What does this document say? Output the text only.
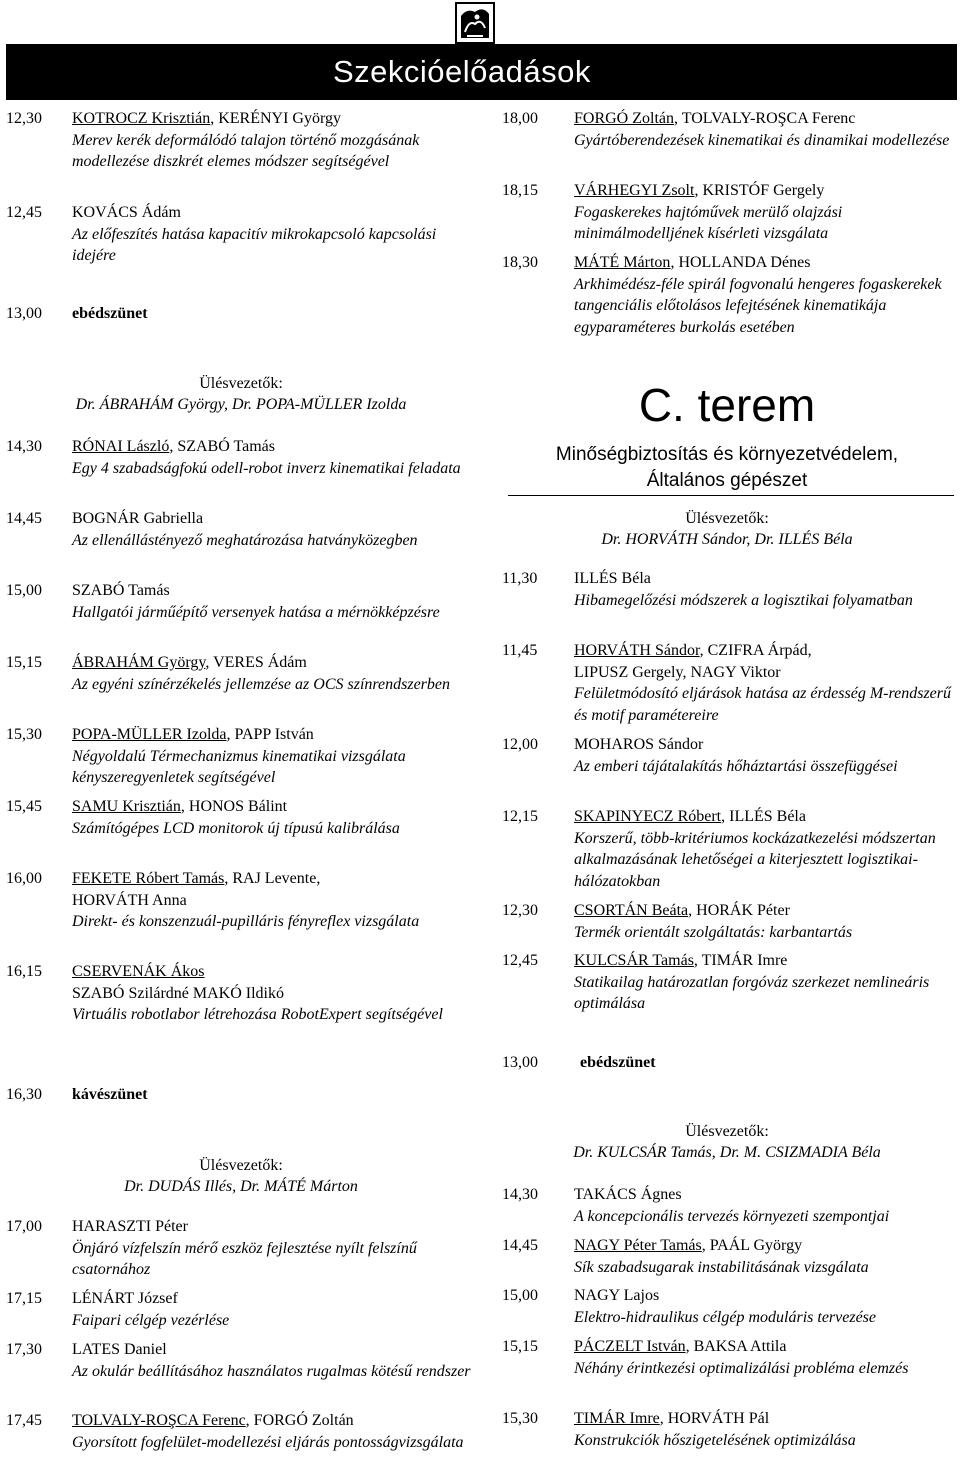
Szekcióelőadások
12,30 KOTROCZ Krisztián, KERÉNYI György
Merev kerék deformálódó talajon történő mozgásának modellezése diszkrét elemes módszer segítségével
12,45 KOVÁCS Ádám
Az előfeszítés hatása kapacitív mikrokapcsoló kapcsolási idejére
13,00 ebédszünet
Ülésvezetők:
Dr. ÁBRAHÁM György, Dr. POPA-MÜLLER Izolda
14,30 RÓNAI László, SZABÓ Tamás
Egy 4 szabadságfokú odell-robot inverz kinematikai feladata
14,45 BOGNÁR Gabriella
Az ellenállástényező meghatározása hatványközegben
15,00 SZABÓ Tamás
Hallgatói járműépítő versenyek hatása a mérnökképzésre
15,15 ÁBRAHÁM György, VERES Ádám
Az egyéni színérzékelés jellemzése az OCS színrendszerben
15,30 POPA-MÜLLER Izolda, PAPP István
Négyoldalú Térmechanizmus kinematikai vizsgálata kényszeregyenletek segítségével
15,45 SAMU Krisztián, HONOS Bálint
Számítógépes LCD monitorok új típusú kalibrálása
16,00 FEKETE Róbert Tamás, RAJ Levente,
HORVÁTH Anna
Direkt- és konszenzuál-pupilláris fényreflex vizsgálata
16,15 CSERVENÁK Ákos
SZABÓ Szilárdné MAKÓ Ildikó
Virtuális robotlabor létrehozása RobotExpert segítségével
16,30 kávészünet
Ülésvezetők:
Dr. DUDÁS Illés, Dr. MÁTÉ Márton
17,00 HARASZTI Péter
Önjáró vízfelszín mérő eszköz fejlesztése nyílt felszínű csatornához
17,15 LÉNÁRT József
Faipari célgép vezérlése
17,30 LATES Daniel
Az okulár beállításához használatos rugalmas kötésű rendszer
17,45 TOLVALY-ROŞCA Ferenc, FORGÓ Zoltán
Gyorsított fogfelület-modellezési eljárás pontosságvizsgálata
18,00 FORGÓ Zoltán, TOLVALY-ROŞCA Ferenc
Gyártóberendezések kinematikai és dinamikai modellezése
18,15 VÁRHEGYI Zsolt, KRISTÓF Gergely
Fogaskerekes hajtóművek merülő olajzási minimálmodelljének kísérleti vizsgálata
18,30 MÁTÉ Márton, HOLLANDA Dénes
Arkhimédész-féle spirál fogvonalú hengeres fogaskerekek tangenciális előtolásos lefejtésének kinematikája egyparaméteres burkolás esetében
C. terem
Minőségbiztosítás és környezetvédelem,
Általános gépészet
Ülésvezetők:
Dr. HORVÁTH Sándor, Dr. ILLÉS Béla
11,30 ILLÉS Béla
Hibamegelőzési módszerek a logisztikai folyamatban
11,45 HORVÁTH Sándor, CZIFRA Árpád,
LIPUSZ Gergely, NAGY Viktor
Felületmódosító eljárások hatása az érdesség M-rendszerű és motif paramétereire
12,00 MOHAROS Sándor
Az emberi tájátalakítás hőháztartási összefüggései
12,15 SKAPINYECZ Róbert, ILLÉS Béla
Korszerű, több-kritériumos kockázatkezelési módszertan alkalmazásának lehetőségei a kiterjesztett logisztikai-hálózatokban
12,30 CSORTÁN Beáta, HORÁK Péter
Termék orientált szolgáltatás: karbantartás
12,45 KULCSÁR Tamás, TIMÁR Imre
Statikailag határozatlan forgóváz szerkezet nemlineáris optimálása
13,00	ebédszünet
Ülésvezetők:
Dr. KULCSÁR Tamás, Dr. M. CSIZMADIA Béla
14,30 TAKÁCS Ágnes
A koncepcionális tervezés környezeti szempontjai
14,45 NAGY Péter Tamás, PAÁL György
Sík szabadsugarak instabilitásának vizsgálata
15,00 NAGY Lajos
Elektro-hidraulikus célgép moduláris tervezése
15,15 PÁCZELT István, BAKSA Attila
Néhány érintkezési optimalizálási probléma elemzés
15,30 TIMÁR Imre, HORVÁTH Pál
Konstrukciók hőszigetelésének optimizálása
